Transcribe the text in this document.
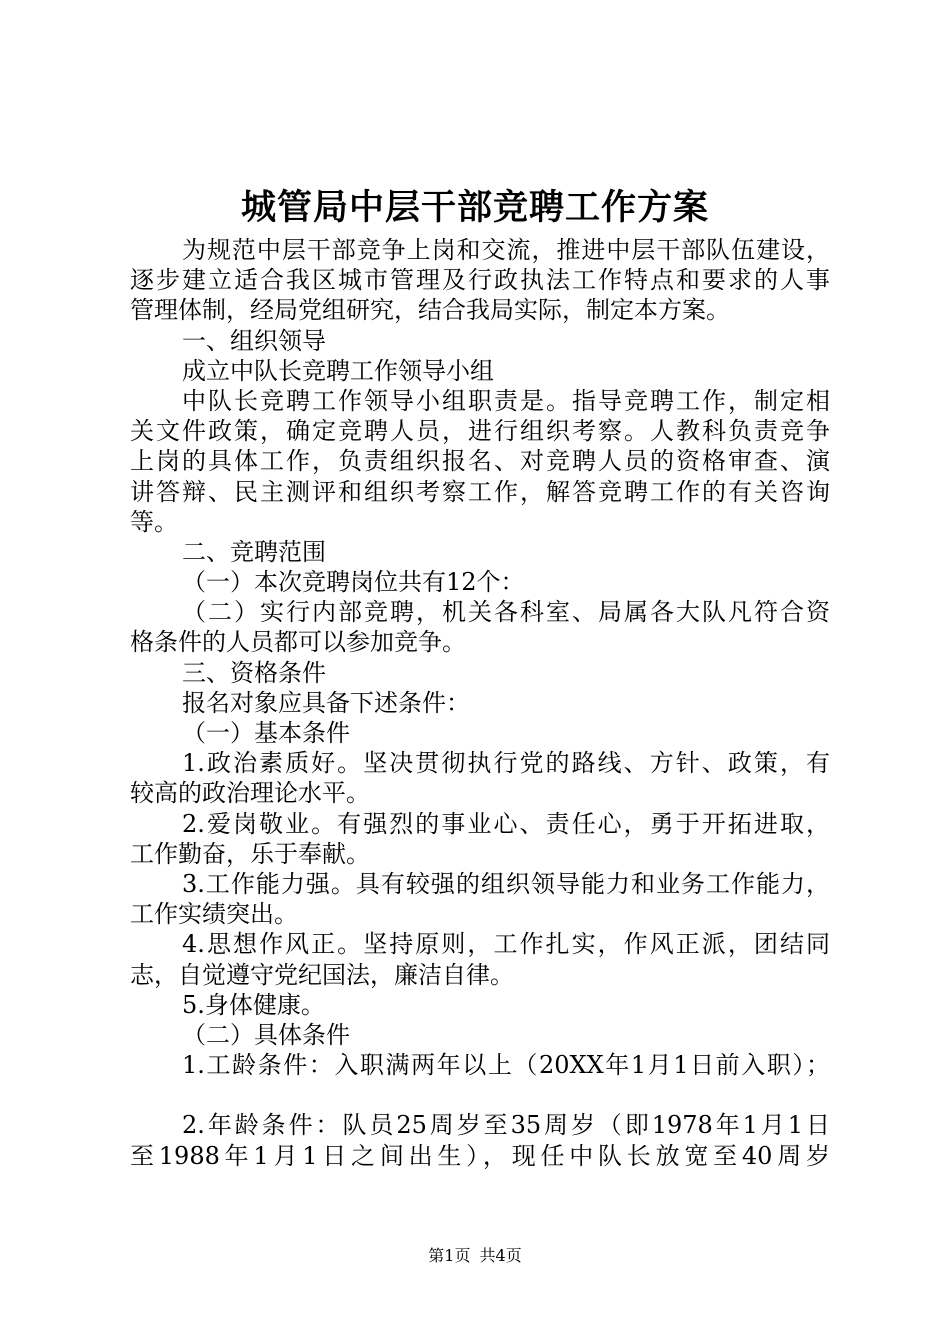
城管局中层干部竞聘工作方案
为规范中层干部竞争上岗和交流，推进中层干部队伍建设，
逐步建立适合我区城市管理及行政执法工作特点和要求的人事
管理体制，经局党组研究，结合我局实际，制定本方案。
一、组织领导
成立中队长竞聘工作领导小组
中队长竞聘工作领导小组职责是。指导竞聘工作，制定相
关文件政策，确定竞聘人员，进行组织考察。人教科负责竞争
上岗的具体工作，负责组织报名、对竞聘人员的资格审查、演
讲答辩、民主测评和组织考察工作，解答竞聘工作的有关咨询
等。
二、竞聘范围
（一）本次竞聘岗位共有12个：
（二）实行内部竞聘，机关各科室、局属各大队凡符合资
格条件的人员都可以参加竞争。
三、资格条件
报名对象应具备下述条件：
（一）基本条件
1.政治素质好。坚决贯彻执行党的路线、方针、政策，有
较高的政治理论水平。
2.爱岗敬业。有强烈的事业心、责任心，勇于开拓进取，
工作勤奋，乐于奉献。
3.工作能力强。具有较强的组织领导能力和业务工作能力，
工作实绩突出。
4.思想作风正。坚持原则，工作扎实，作风正派，团结同
志，自觉遵守党纪国法，廉洁自律。
5.身体健康。
（二）具体条件
1.工龄条件：入职满两年以上（20XX年1月1日前入职）；
2.年龄条件：队员25周岁至35周岁（即1978年1月1日
至1988年1月1日之间出生），现任中队长放宽至40周岁
第1页 共4页
